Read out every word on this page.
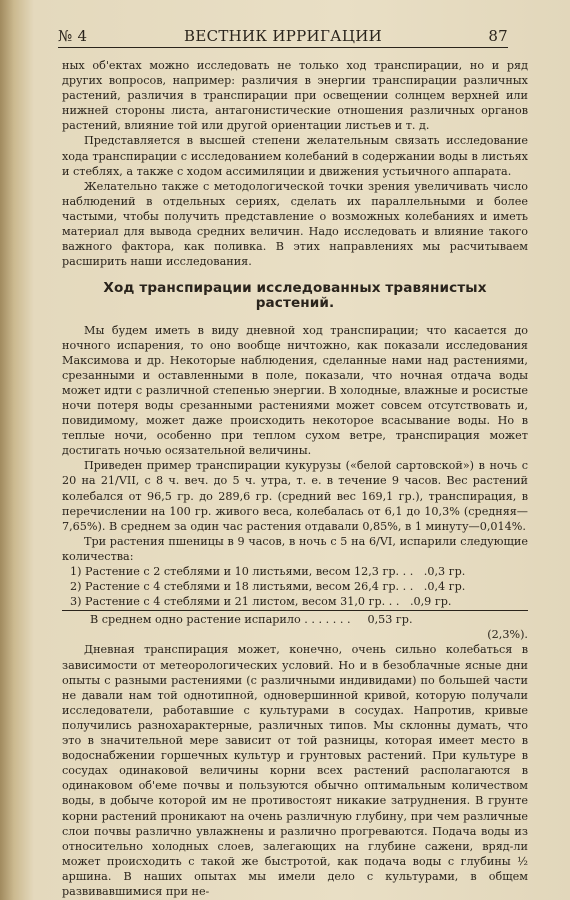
№ 4	ВЕСТНИК ИРРИГАЦИИ	87

ных об'ектах можно исследовать не только ход транспирации, но и ряд других вопросов, например: различия в энергии транспирации различных растений, различия в транспирации при освещении солнцем верхней или нижней стороны листа, антагонистические отношения различных органов растений, влияние той или другой ориентации листьев и т. д.

Представляется в высшей степени желательным связать исследование хода транспирации с исследованием колебаний в содержании воды в листьях и стеблях, а также с ходом ассимиляции и движения устьичного аппарата.

Желательно также с методологической точки зрения увеличивать число наблюдений в отдельных сериях, сделать их параллельными и более частыми, чтобы получить представление о возможных колебаниях и иметь материал для вывода средних величин. Надо исследовать и влияние такого важного фактора, как поливка. В этих направлениях мы расчитываем расширить наши исследования.

Ход транспирации исследованных травянистых растений.

Мы будем иметь в виду дневной ход транспирации; что касается до ночного испарения, то оно вообще ничтожно, как показали исследования Максимова и др. Некоторые наблюдения, сделанные нами над растениями, срезанными и оставленными в поле, показали, что ночная отдача воды может идти с различной степенью энергии. В холодные, влажные и росистые ночи потеря воды срезанными растениями может совсем отсутствовать и, повидимому, может даже происходить некоторое всасывание воды. Но в теплые ночи, особенно при теплом сухом ветре, транспирация может достигать ночью осязательной величины.

Приведен пример транспирации кукурузы («белой сартовской») в ночь с 20 на 21/VII, с 8 ч. веч. до 5 ч. утра, т. е. в течение 9 часов. Вес растений колебался от 96,5 гр. до 289,6 гр. (средний вес 169,1 гр.), транспирация, в перечислении на 100 гр. живого веса, колебалась от 6,1 до 10,3% (средняя—7,65%). В среднем за один час растения отдавали 0,85%, в 1 минуту—0,014%.

Три растения пшеницы в 9 часов, в ночь с 5 на 6/VI, испарили следующие количества:

1) Растение с 2 стеблями и 10 листьями, весом 12,3 гр. . . .0,3 гр.

2) Растение с 4 стеблями и 18 листьями, весом 26,4 гр. . . .0,4 гр.

3) Растение с 4 стеблями и 21 листом, весом 31,0 гр. . . .0,9 гр.

В среднем одно растение испарило . . . . . . . 0,53 гр.

(2,3%).

Дневная транспирация может, конечно, очень сильно колебаться в зависимости от метеорологических условий. Но и в безоблачные ясные дни опыты с разными растениями (с различными индивидами) по большей части не давали нам той однотипной, одновершинной кривой, которую получали исследователи, работавшие с культурами в сосудах. Напротив, кривые получились разнохарактерные, различных типов. Мы склонны думать, что это в значительной мере зависит от той разницы, которая имеет место в водоснабжении горшечных культур и грунтовых растений. При культуре в сосудах одинаковой величины корни всех растений располагаются в одинаковом об'еме почвы и пользуются обычно оптимальным количеством воды, в добыче которой им не противостоят никакие затруднения. В грунте корни растений проникают на очень различную глубину, при чем различные слои почвы различно увлажнены и различно прогреваются. Подача воды из относительно холодных слоев, залегающих на глубине сажени, вряд-ли может происходить с такой же быстротой, как подача воды с глубины ½ аршина. В наших опытах мы имели дело с культурами, в общем развивавшимися при не-
